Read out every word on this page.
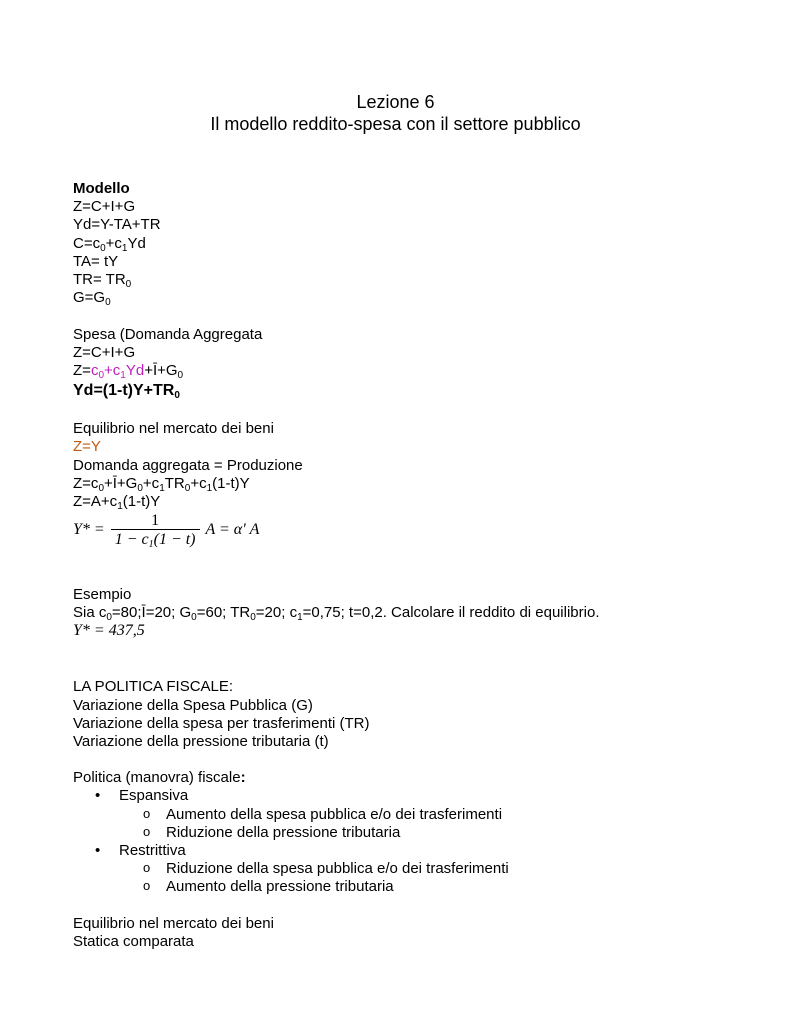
Lezione 6
Il modello reddito-spesa con il settore pubblico
Modello
Z=C+I+G
Yd=Y-TA+TR
$C=c_0+c_1Yd$
TA= tY
$TR= TR_0$
$G=G_0$
Spesa (Domanda Aggregata
Z=C+I+G
$Z=c_0+c_1Yd+Ī+G_0$
$Yd=(1-t)Y+TR_0$
Equilibrio nel mercato dei beni
Z=Y
Domanda aggregata = Produzione
$Z=c_0+Ī+G_0+c_1TR_0+c_1(1-t)Y$
$Z=A+c_1(1-t)Y$
$Y* = \frac{1}{1 - c_1(1 - t)}$ A = α' A
Esempio
Sia $c_0=80;Ī=20$; $G_0=60$; $TR_0=20$; $c_1=0,75$; t=0,2. Calcolare il reddito di equilibrio.
Y* = 437,5
LA POLITICA FISCALE:
Variazione della Spesa Pubblica (G)
Variazione della spesa per trasferimenti (TR)
Variazione della pressione tributaria (t)
Politica (manovra) fiscale:
• Espansiva
o Aumento della spesa pubblica e/o dei trasferimenti
o Riduzione della pressione tributaria
• Restrittiva
o Riduzione della spesa pubblica e/o dei trasferimenti
o Aumento della pressione tributaria
Equilibrio nel mercato dei beni
Statica comparata
